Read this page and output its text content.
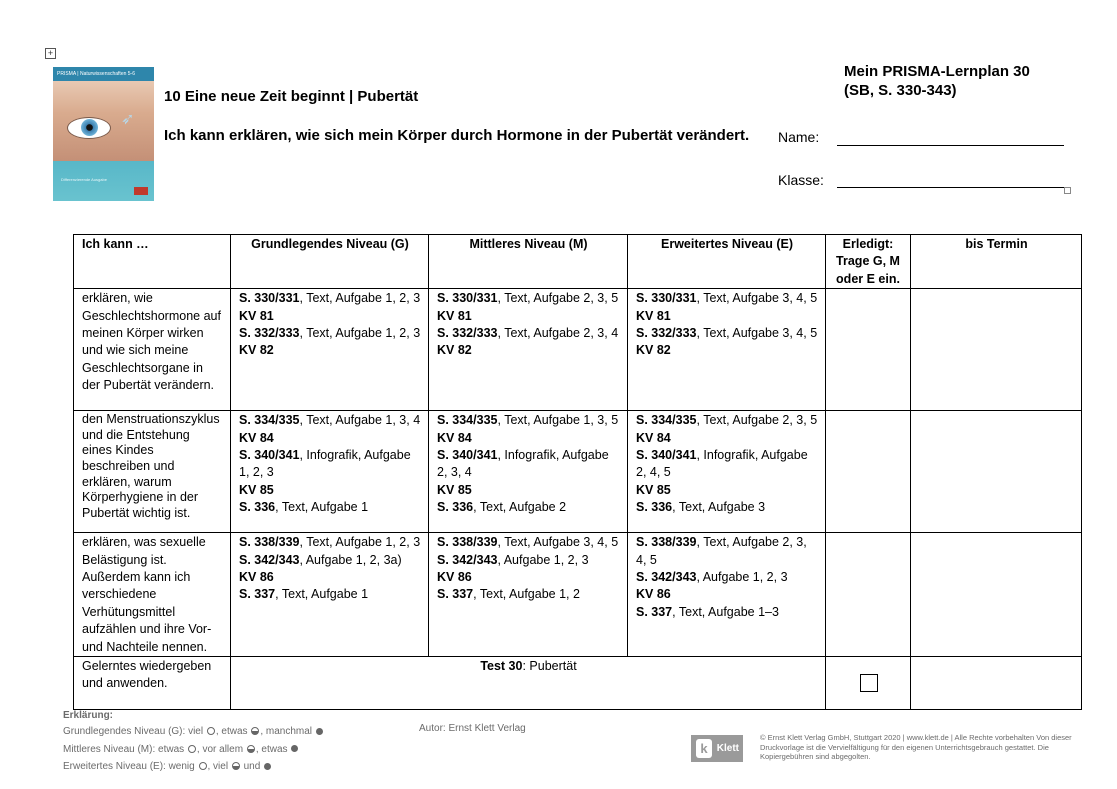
+
PRISMA | Naturwissenschaften 5-6
➶
Differenzierende Ausgabe
10 Eine neue Zeit beginnt | Pubertät
Ich kann erklären, wie sich mein Körper durch Hormone in der Pubertät verändert.
Mein PRISMA-Lernplan 30
(SB, S. 330-343)
Name:
Klasse:
Ich kann …	Grundlegendes Niveau (G)	Mittleres Niveau (M)	Erweitertes Niveau (E)	Erledigt: Trage G, M oder E ein.	bis Termin
erklären, wie Geschlechtshormone auf meinen Körper wirken und wie sich meine Geschlechtsorgane in der Pubertät verändern.	S. 330/331, Text, Aufgabe 1, 2, 3
KV 81
S. 332/333, Text, Aufgabe 1, 2, 3
KV 82	S. 330/331, Text, Aufgabe 2, 3, 5
KV 81
S. 332/333, Text, Aufgabe 2, 3, 4
KV 82	S. 330/331, Text, Aufgabe 3, 4, 5
KV 81
S. 332/333, Text, Aufgabe 3, 4, 5
KV 82		

den Menstruationszyklus und die Entstehung eines Kindes beschreiben und erklären, warum Körperhygiene in der Pubertät wichtig ist.	S. 334/335, Text, Aufgabe 1, 3, 4
KV 84
S. 340/341, Infografik, Aufgabe 1, 2, 3
KV 85
S. 336, Text, Aufgabe 1	S. 334/335, Text, Aufgabe 1, 3, 5
KV 84
S. 340/341, Infografik, Aufgabe 2, 3, 4
KV 85
S. 336, Text, Aufgabe 2	S. 334/335, Text, Aufgabe 2, 3, 5
KV 84
S. 340/341, Infografik, Aufgabe 2, 4, 5
KV 85
S. 336, Text, Aufgabe 3		

erklären, was sexuelle Belästigung ist. Außerdem kann ich verschiedene Verhütungsmittel aufzählen und ihre Vor- und Nachteile nennen.	S. 338/339, Text, Aufgabe 1, 2, 3
S. 342/343, Aufgabe 1, 2, 3a)
KV 86
S. 337, Text, Aufgabe 1	S. 338/339, Text, Aufgabe 3, 4, 5
S. 342/343, Aufgabe 1, 2, 3
KV 86
S. 337, Text, Aufgabe 1, 2	S. 338/339, Text, Aufgabe 2, 3, 4, 5
S. 342/343, Aufgabe 1, 2, 3
KV 86
S. 337, Text, Aufgabe 1–3		

Gelerntes wiedergeben und anwenden.	Test 30: Pubertät			

Erklärung:
Grundlegendes Niveau (G): viel , etwas , manchmal
Mittleres Niveau (M): etwas , vor allem , etwas
Erweitertes Niveau (E): wenig , viel und
Autor: Ernst Klett Verlag
k Klett
© Ernst Klett Verlag GmbH, Stuttgart 2020 | www.klett.de | Alle Rechte vorbehalten Von dieser Druckvorlage ist die Vervielfältigung für den eigenen Unterrichtsgebrauch gestattet. Die Kopiergebühren sind abgegolten.
